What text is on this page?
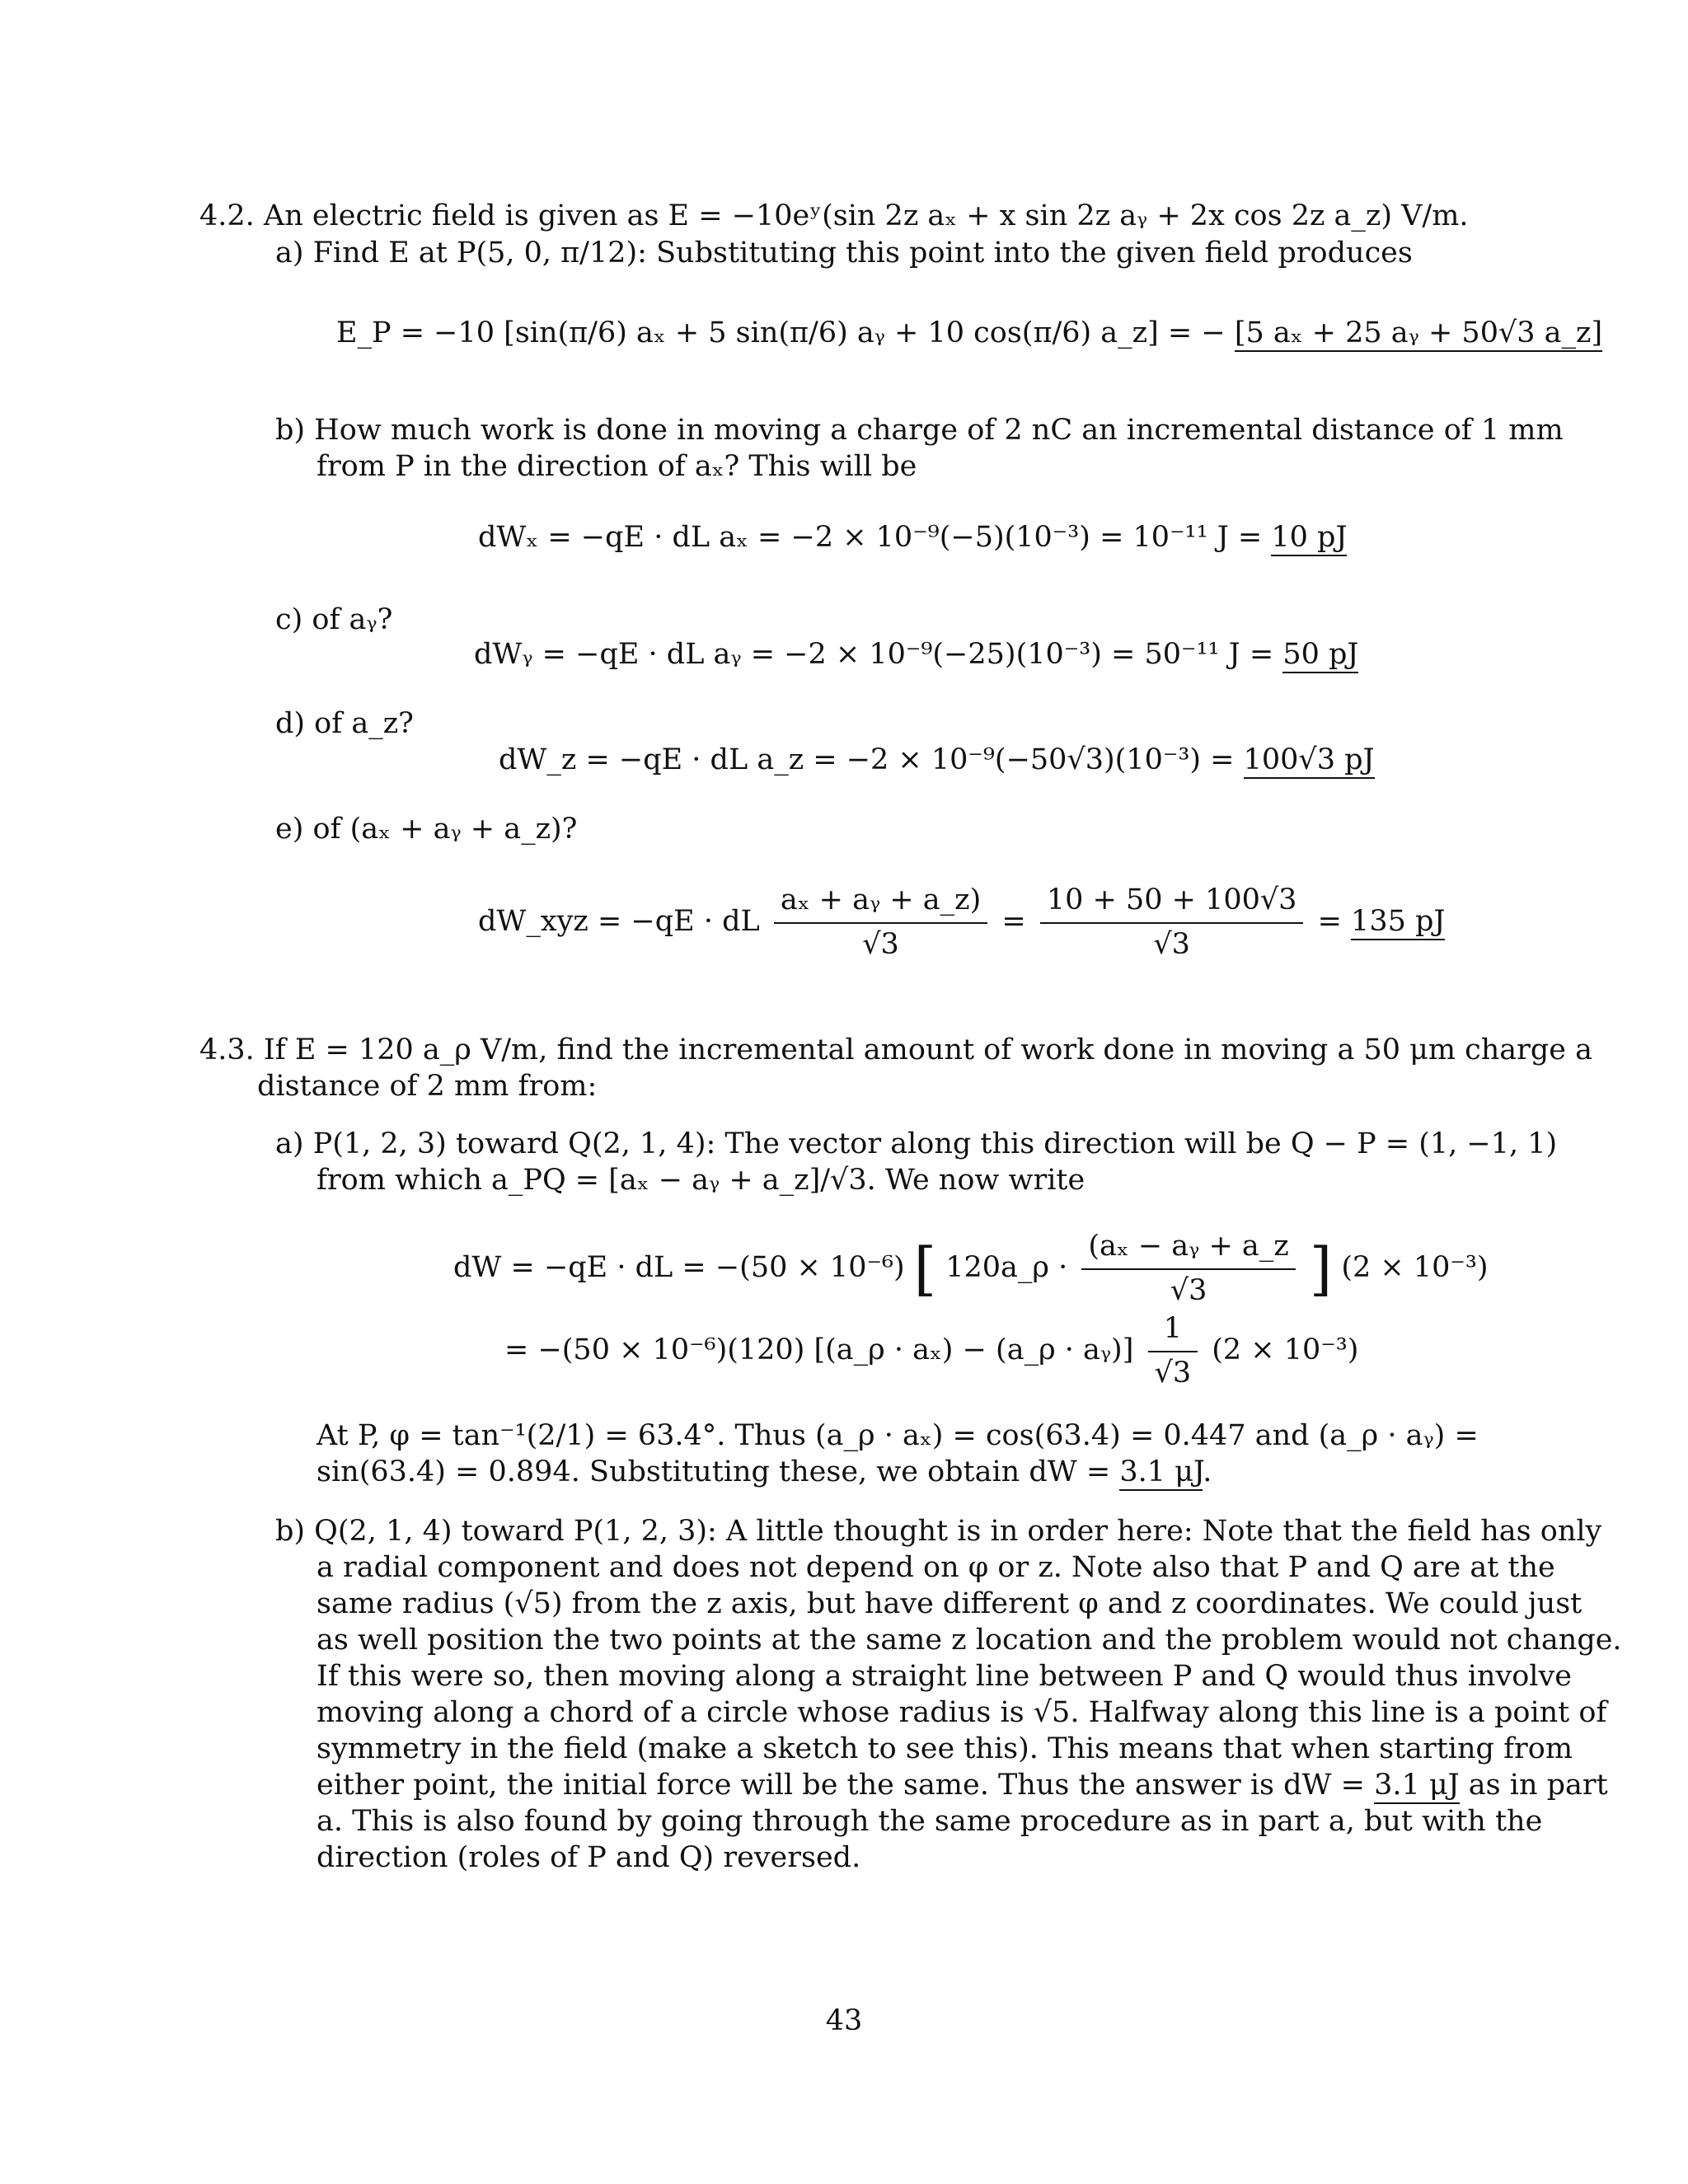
4.2. An electric field is given as E = −10eʸ(sin 2z aₓ + x sin 2z aᵧ + 2x cos 2z a_z) V/m.
a) Find E at P(5, 0, π/12): Substituting this point into the given field produces
E_P = −10 [sin(π/6) aₓ + 5 sin(π/6) aᵧ + 10 cos(π/6) a_z] = − [5 aₓ + 25 aᵧ + 50√3 a_z]
b) How much work is done in moving a charge of 2 nC an incremental distance of 1 mm
from P in the direction of aₓ? This will be
dWₓ = −qE · dL aₓ = −2 × 10⁻⁹(−5)(10⁻³) = 10⁻¹¹ J = 10 pJ
c) of aᵧ?
dWᵧ = −qE · dL aᵧ = −2 × 10⁻⁹(−25)(10⁻³) = 50⁻¹¹ J = 50 pJ
d) of a_z?
dW_z = −qE · dL a_z = −2 × 10⁻⁹(−50√3)(10⁻³) = 100√3 pJ
e) of (aₓ + aᵧ + a_z)?
dW_xyz = −qE · dL $\frac{\text{aₓ + aᵧ + a\_z)}}{√3} = \frac{10 + 50 + 100√3}{√3} = 135$ pJ
4.3. If E = 120 a_ρ V/m, find the incremental amount of work done in moving a 50 μm charge a
distance of 2 mm from:
a) P(1, 2, 3) toward Q(2, 1, 4): The vector along this direction will be Q − P = (1, −1, 1)
from which a_PQ = [aₓ − aᵧ + a_z]/√3. We now write
dW = −qE · dL = −(50 × 10⁻⁶) [ 120a_ρ · $\frac{\text{(aₓ − aᵧ + a\_z}}{√3}$ ] (2 × 10⁻³)
= −(50 × 10⁻⁶)(120) [(a_ρ · aₓ) − (a_ρ · aᵧ)] $\frac{1}{√3} (2 \times 10^{-3})$
At P, φ = tan⁻¹(2/1) = 63.4°. Thus (a_ρ · aₓ) = cos(63.4) = 0.447 and (a_ρ · aᵧ) =
sin(63.4) = 0.894. Substituting these, we obtain dW = 3.1 μJ.
b) Q(2, 1, 4) toward P(1, 2, 3): A little thought is in order here: Note that the field has only
a radial component and does not depend on φ or z. Note also that P and Q are at the
same radius (√5) from the z axis, but have different φ and z coordinates. We could just
as well position the two points at the same z location and the problem would not change.
If this were so, then moving along a straight line between P and Q would thus involve
moving along a chord of a circle whose radius is √5. Halfway along this line is a point of
symmetry in the field (make a sketch to see this). This means that when starting from
either point, the initial force will be the same. Thus the answer is dW = 3.1 μJ as in part
a. This is also found by going through the same procedure as in part a, but with the
direction (roles of P and Q) reversed.
43
